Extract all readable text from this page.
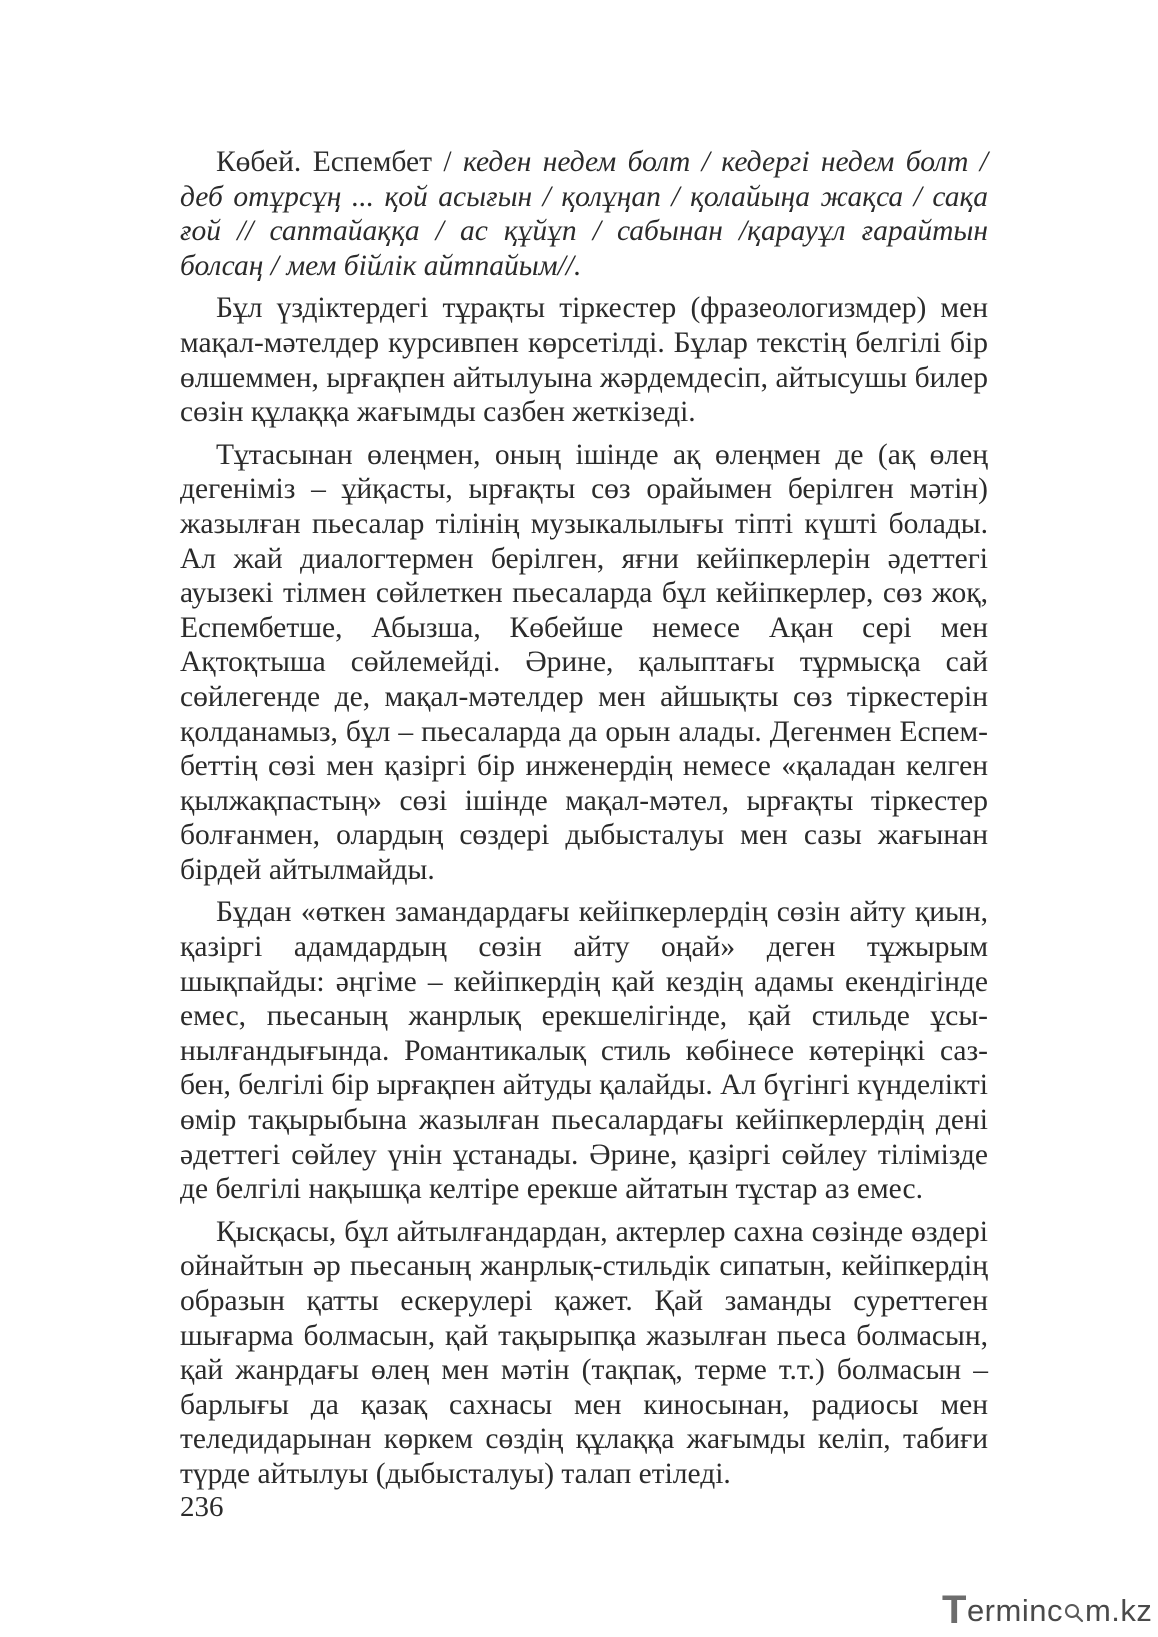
Көбей. Еспембет / кеден недем болт / кедергі недем болт / деб отұрсұң ... қой асығын / қолұңап / қолайыңа жақса / сақа ғой // саптайаққа / ас құйұп / сабынан /қарауұл ғарайтын болсаң / мем бійлік айтпайым//.

Бұл үздіктердегі тұрақты тіркестер (фразеологизмдер) мен мақал-мәтелдер курсивпен көрсетілді. Бұлар текстің белгілі бір өлшеммен, ырғақпен айтылуына жәрдемдесіп, айтысушы билер сөзін құлаққа жағымды сазбен жеткізеді.

Тұтасынан өлеңмен, оның ішінде ақ өлеңмен де (ақ өлең дегеніміз – ұйқасты, ырғақты сөз орайымен берілген мәтін) жазылған пьесалар тілінің музыкалылығы тіпті күшті болады. Ал жай диалогтермен берілген, яғни кейіпкерлерін әдеттегі ауызекі тілмен сөйлеткен пьесаларда бұл кейіпкерлер, сөз жоқ, Еспембетше, Абызша, Көбейше немесе Ақан сері мен Ақтоқтыша сөйлемейді. Әрине, қалыптағы тұрмысқа сай сөйлегенде де, мақал-мәтелдер мен айшықты сөз тіркестерін қолданамыз, бұл – пьесаларда да орын алады. Дегенмен Еспембеттің сөзі мен қазіргі бір инженердің немесе «қаладан келген қылжақпастың» сөзі ішінде мақал-мәтел, ырғақты тіркестер болғанмен, олардың сөздері дыбысталуы мен сазы жағынан бірдей айтылмайды.

Бұдан «өткен замандардағы кейіпкерлердің сөзін айту қиын, қазіргі адамдардың сөзін айту оңай» деген тұжырым шықпайды: әңгіме – кейіпкердің қай кездің адамы екендігінде емес, пьесаның жанрлық ерекшелігінде, қай стильде ұсынылғандығында. Романтикалық стиль көбінесе көтеріңкі сазбен, белгілі бір ырғақпен айтуды қалайды. Ал бүгінгі күнделікті өмір тақырыбына жазылған пьесалардағы кейіпкерлердің дені әдеттегі сөйлеу үнін ұстанады. Әрине, қазіргі сөйлеу тілімізде де белгілі нақышқа келтіре ерекше айтатын тұстар аз емес.

Қысқасы, бұл айтылғандардан, актерлер сахна сөзінде өздері ойнайтын әр пьесаның жанрлық-стильдік сипатын, кейіпкердің образын қатты ескерулері қажет. Қай заманды суреттеген шығарма болмасын, қай тақырыпқа жазылған пьеса болмасын, қай жанрдағы өлең мен мәтін (тақпақ, терме т.т.) болмасын – барлығы да қазақ сахнасы мен киносынан, радиосы мен теледидарынан көркем сөздің құлаққа жағымды келіп, табиғи түрде айтылуы (дыбысталуы) талап етіледі.

236
Terminc m.kz
